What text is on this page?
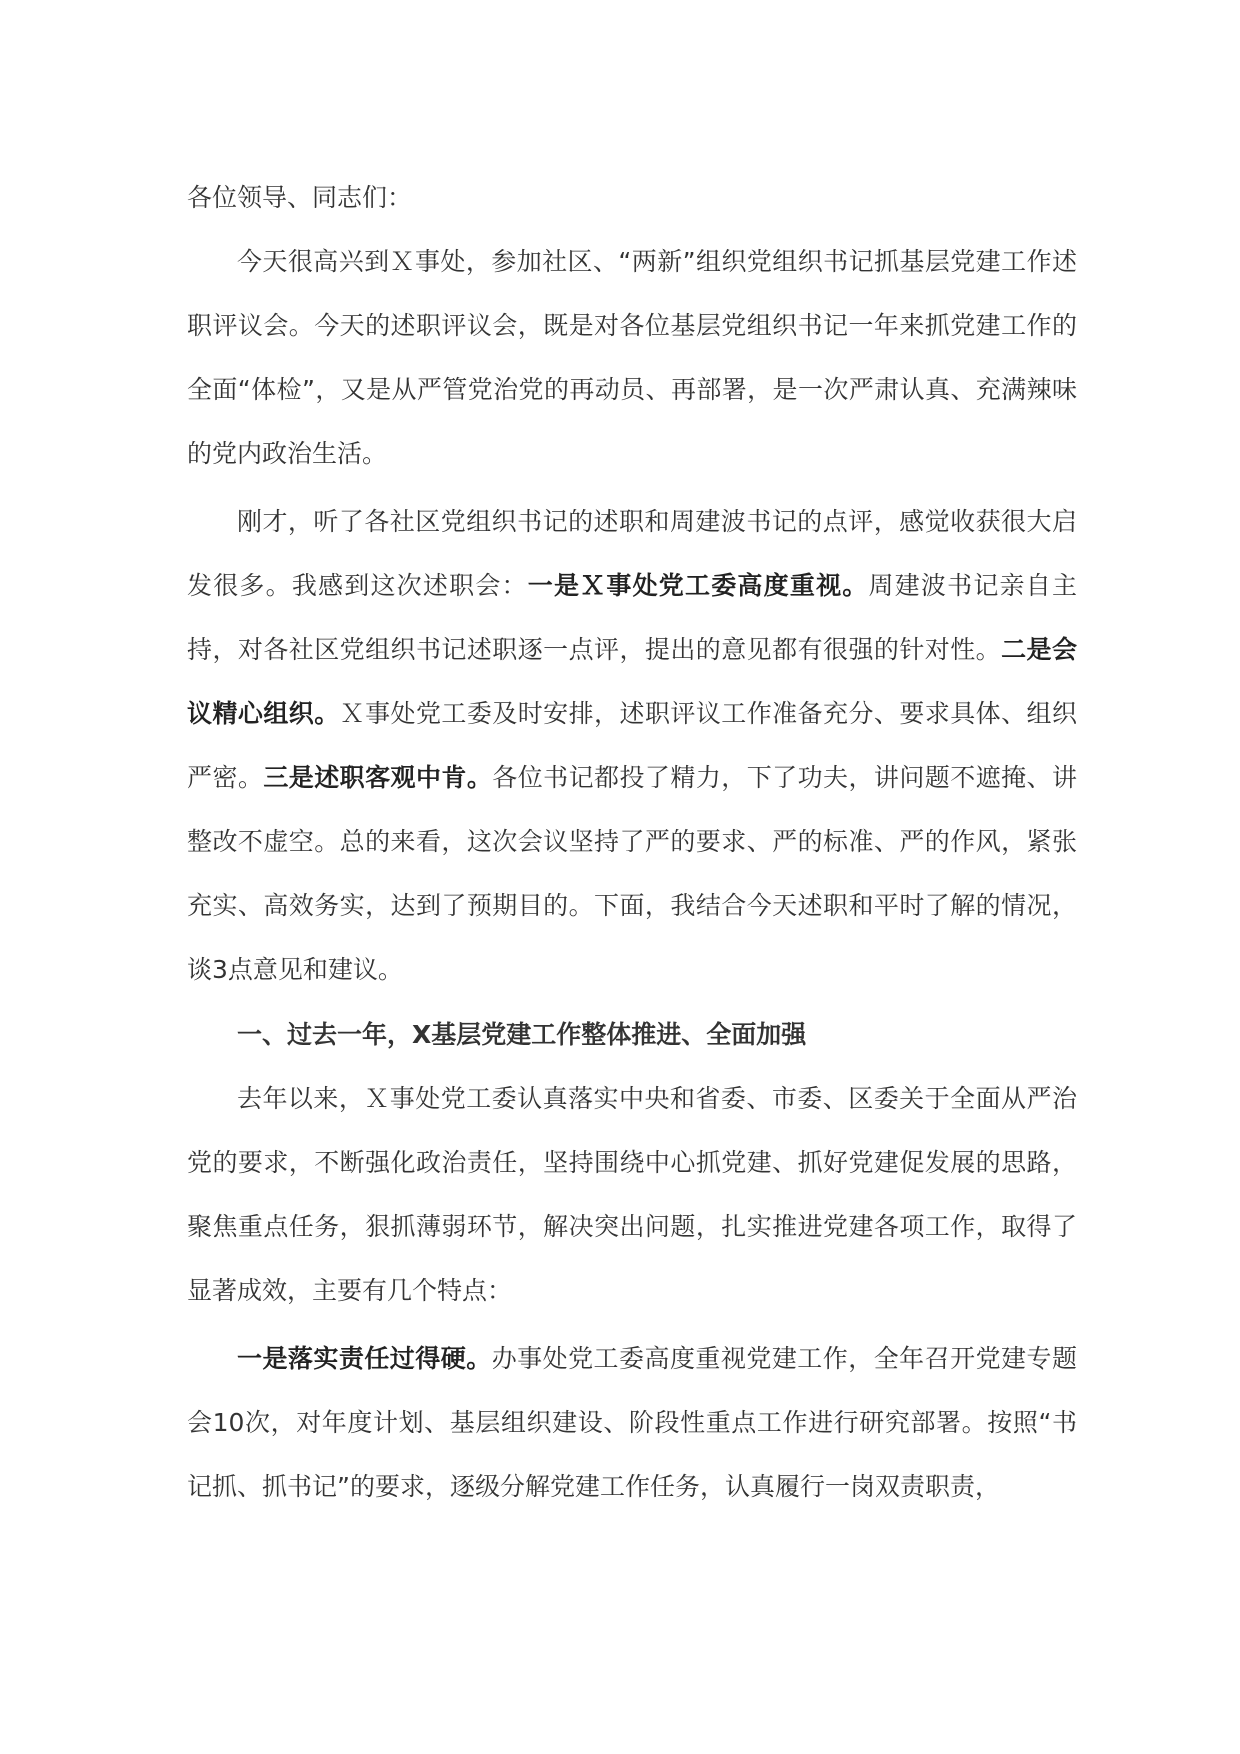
各位领导、同志们：

今天很高兴到Ｘ事处，参加社区、“两新”组织党组织书记抓基层党建工作述职评议会。今天的述职评议会，既是对各位基层党组织书记一年来抓党建工作的全面“体检”，又是从严管党治党的再动员、再部署，是一次严肃认真、充满辣味的党内政治生活。

刚才，听了各社区党组织书记的述职和周建波书记的点评，感觉收获很大启发很多。我感到这次述职会：一是Ｘ事处党工委高度重视。周建波书记亲自主持，对各社区党组织书记述职逐一点评，提出的意见都有很强的针对性。二是会议精心组织。Ｘ事处党工委及时安排，述职评议工作准备充分、要求具体、组织严密。三是述职客观中肯。各位书记都投了精力，下了功夫，讲问题不遮掩、讲整改不虚空。总的来看，这次会议坚持了严的要求、严的标准、严的作风，紧张充实、高效务实，达到了预期目的。下面，我结合今天述职和平时了解的情况，谈3点意见和建议。

一、过去一年，X基层党建工作整体推进、全面加强

去年以来，Ｘ事处党工委认真落实中央和省委、市委、区委关于全面从严治党的要求，不断强化政治责任，坚持围绕中心抓党建、抓好党建促发展的思路，聚焦重点任务，狠抓薄弱环节，解决突出问题，扎实推进党建各项工作，取得了显著成效，主要有几个特点：

一是落实责任过得硬。办事处党工委高度重视党建工作，全年召开党建专题会10次，对年度计划、基层组织建设、阶段性重点工作进行研究部署。按照“书记抓、抓书记”的要求，逐级分解党建工作任务，认真履行一岗双责职责，
